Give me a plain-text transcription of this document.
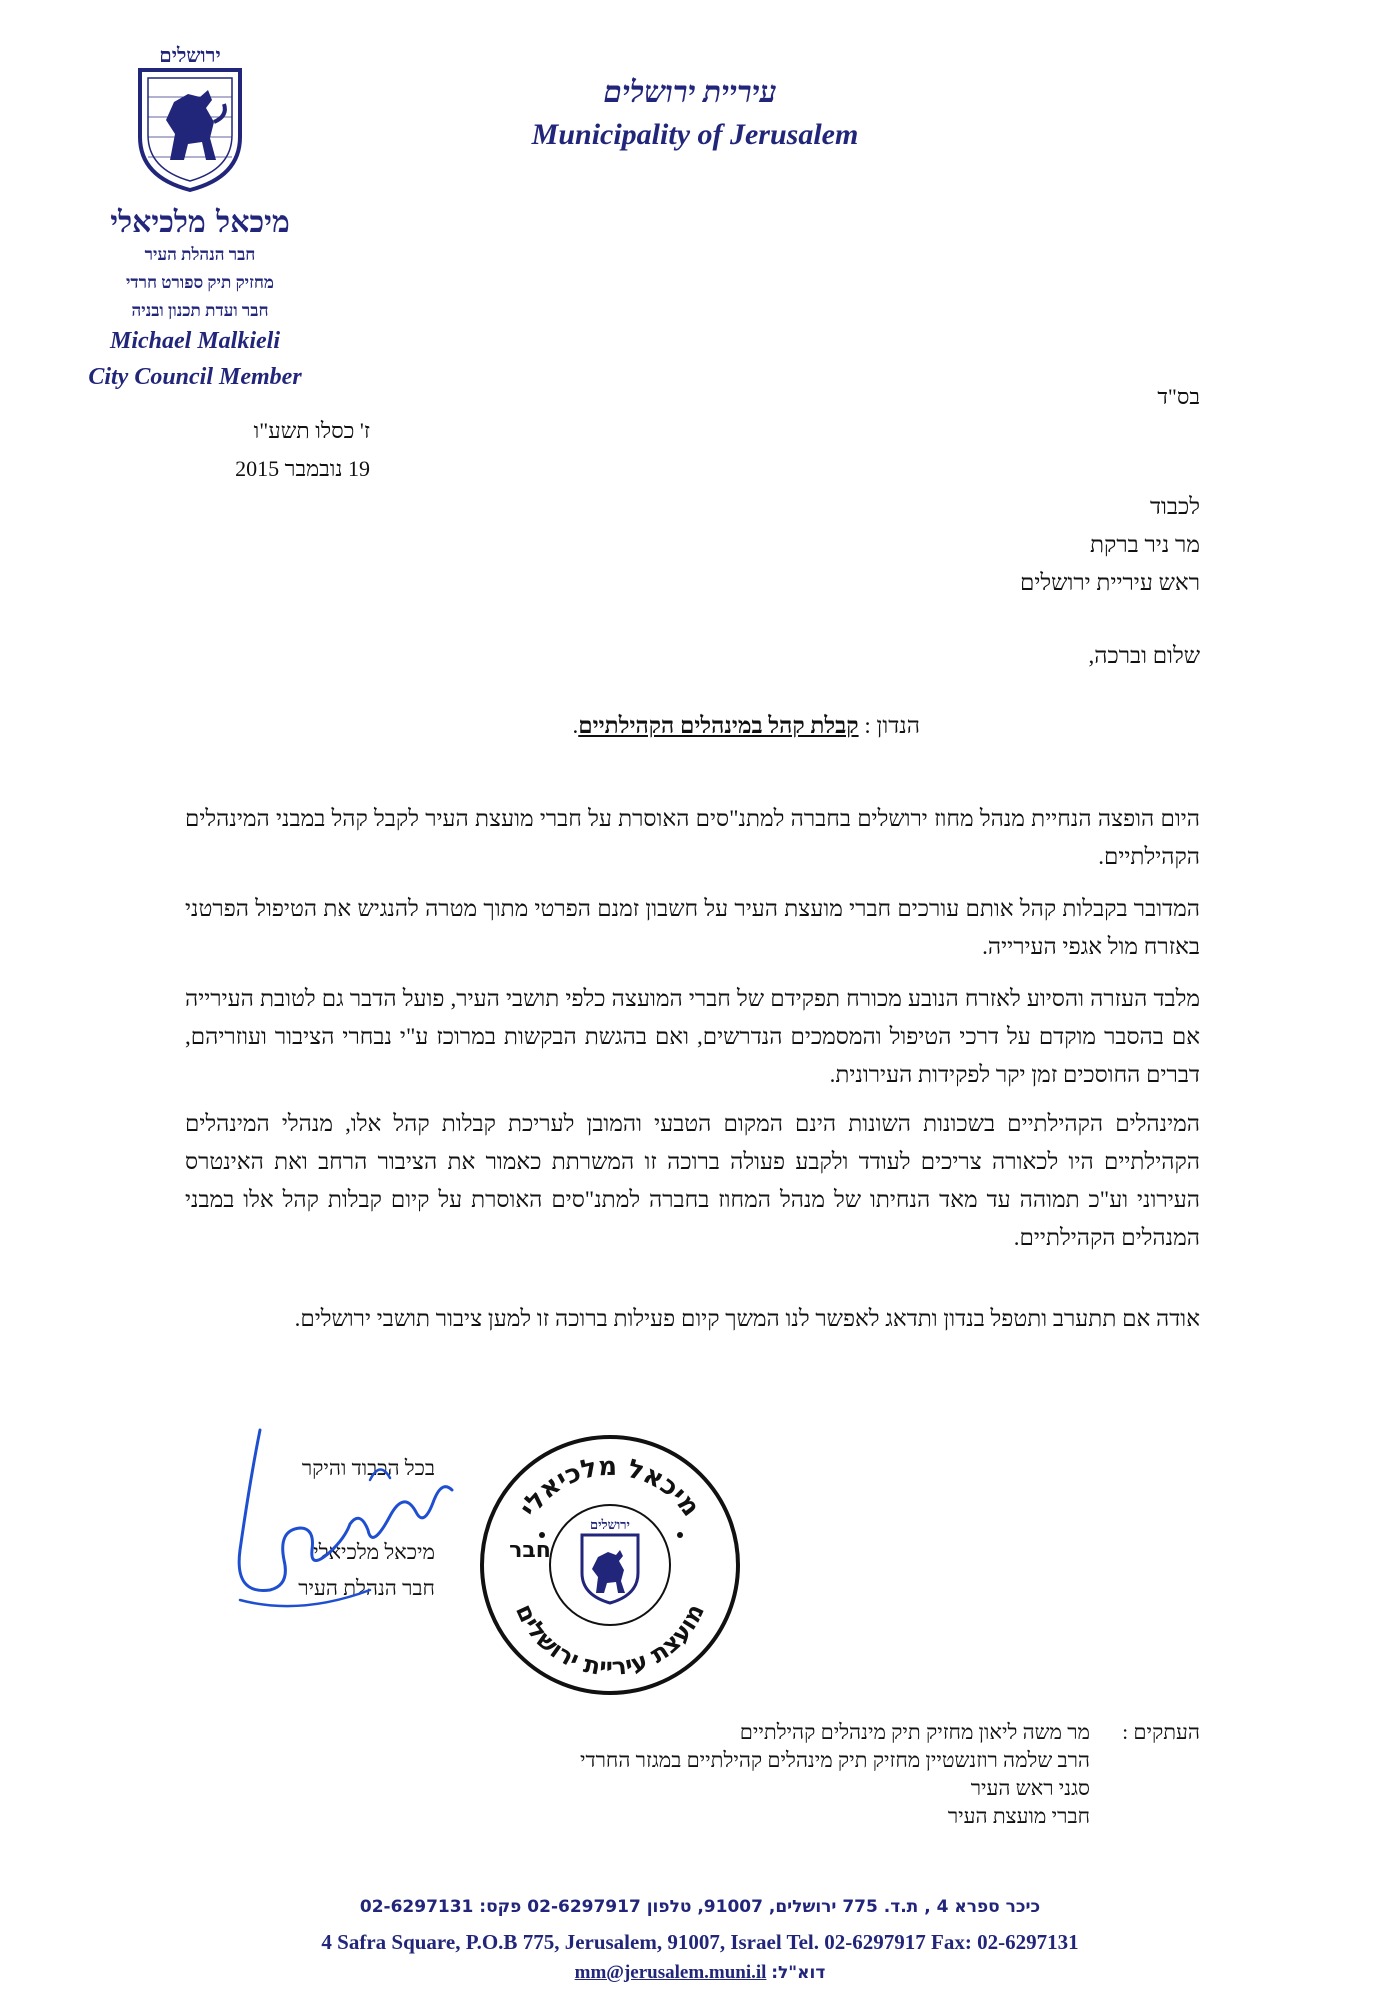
ירושלים
מיכאל מלכיאלי
חבר הנהלת העיר
מחזיק תיק ספורט חרדי
חבר ועדת תכנון ובניה
Michael Malkieli
City Council Member
עיריית ירושלים
Municipality of Jerusalem
בס"ד
ז' כסלו תשע"ו
19 נובמבר 2015
לכבוד
מר ניר ברקת
ראש עיריית ירושלים
שלום וברכה,
הנדון : קבלת קהל במינהלים הקהילתיים.
היום הופצה הנחיית מנהל מחוז ירושלים בחברה למתנ"סים האוסרת על חברי מועצת העיר לקבל קהל במבני המינהלים הקהילתיים.
המדובר בקבלות קהל אותם עורכים חברי מועצת העיר על חשבון זמנם הפרטי מתוך מטרה להנגיש את הטיפול הפרטני באזרח מול אגפי העירייה.
מלבד העזרה והסיוע לאזרח הנובע מכורח תפקידם של חברי המועצה כלפי תושבי העיר, פועל הדבר גם לטובת העירייה אם בהסבר מוקדם על דרכי הטיפול והמסמכים הנדרשים, ואם בהגשת הבקשות במרוכז ע"י נבחרי הציבור ועוזריהם, דברים החוסכים זמן יקר לפקידות העירונית.
המינהלים הקהילתיים בשכונות השונות הינם המקום הטבעי והמובן לעריכת קבלות קהל אלו, מנהלי המינהלים הקהילתיים היו לכאורה צריכים לעודד ולקבע פעולה ברוכה זו המשרתת כאמור את הציבור הרחב ואת האינטרס העירוני וע"כ תמוהה עד מאד הנחיתו של מנהל המחוז בחברה למתנ"סים האוסרת על קיום קבלות קהל אלו במבני המנהלים הקהילתיים.
אודה אם תתערב ותטפל בנדון ותדאג לאפשר לנו המשך קיום פעילות ברוכה זו למען ציבור תושבי ירושלים.
בכל הכבוד והיקר
מיכאל מלכיאלי
חבר הנהלת העיר
מיכאל מלכיאלי
מועצת עיריית ירושלים
חבר
ירושלים
העתקים :
מר משה ליאון מחזיק תיק מינהלים קהילתיים
הרב שלמה רוזנשטיין מחזיק תיק מינהלים קהילתיים במגזר החרדי
סגני ראש העיר
חברי מועצת העיר
כיכר ספרא 4 , ת.ד. 775 ירושלים, 91007, טלפון 02-6297917 פקס: 02-6297131
4 Safra Square, P.O.B 775, Jerusalem, 91007, Israel Tel. 02-6297917 Fax: 02-6297131
דוא"ל: mm@jerusalem.muni.il
